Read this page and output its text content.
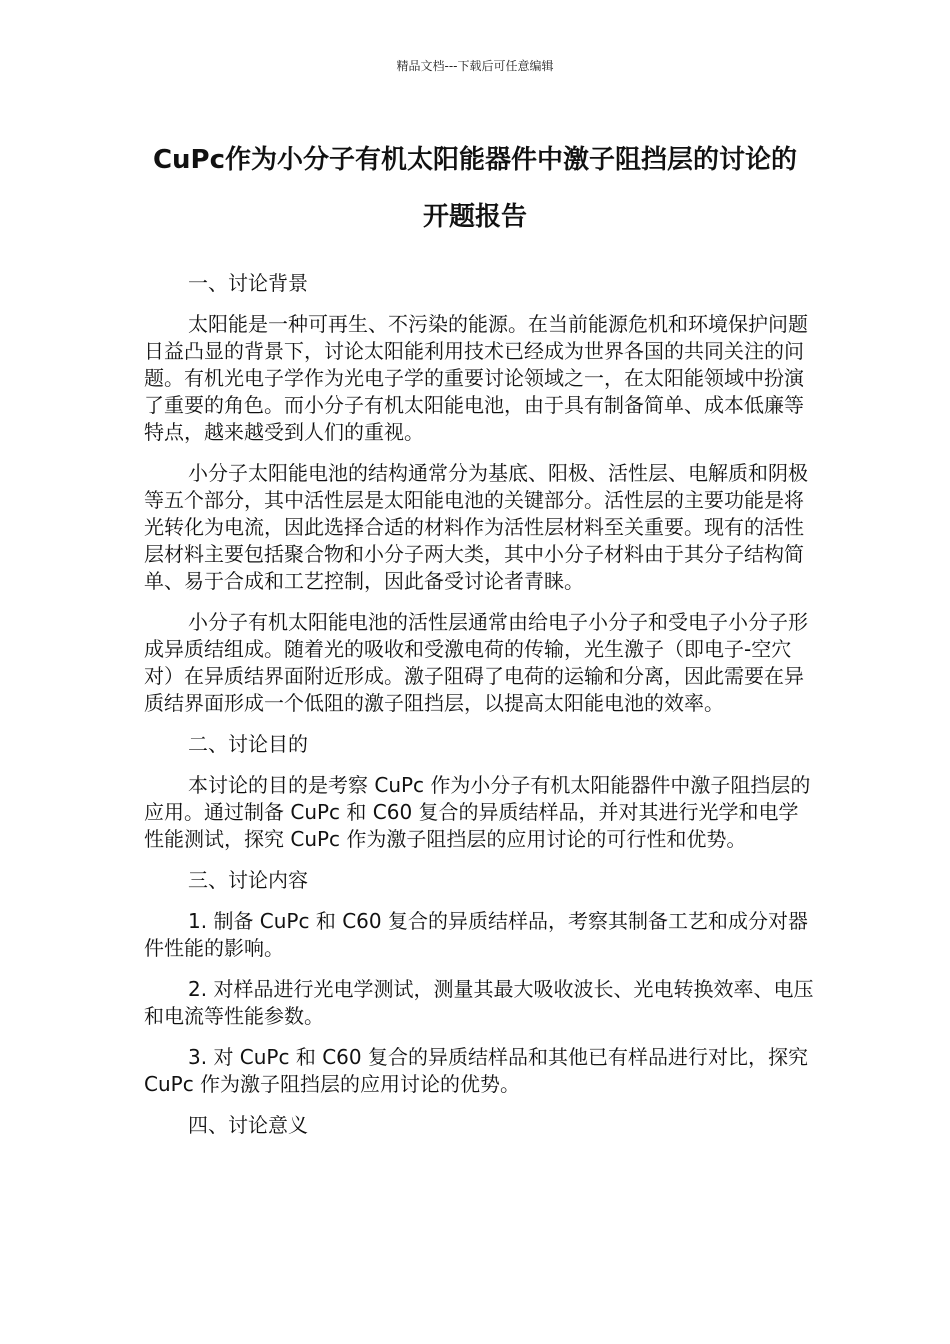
精品文档---下载后可任意编辑
CuPc作为小分子有机太阳能器件中激子阻挡层的讨论的开题报告

一、讨论背景

太阳能是一种可再生、不污染的能源。在当前能源危机和环境保护问题日益凸显的背景下，讨论太阳能利用技术已经成为世界各国的共同关注的问题。有机光电子学作为光电子学的重要讨论领域之一，在太阳能领域中扮演了重要的角色。而小分子有机太阳能电池，由于具有制备简单、成本低廉等特点，越来越受到人们的重视。

小分子太阳能电池的结构通常分为基底、阳极、活性层、电解质和阴极等五个部分，其中活性层是太阳能电池的关键部分。活性层的主要功能是将光转化为电流，因此选择合适的材料作为活性层材料至关重要。现有的活性层材料主要包括聚合物和小分子两大类，其中小分子材料由于其分子结构简单、易于合成和工艺控制，因此备受讨论者青睐。

小分子有机太阳能电池的活性层通常由给电子小分子和受电子小分子形成异质结组成。随着光的吸收和受激电荷的传输，光生激子（即电子-空穴对）在异质结界面附近形成。激子阻碍了电荷的运输和分离，因此需要在异质结界面形成一个低阻的激子阻挡层，以提高太阳能电池的效率。

二、讨论目的

本讨论的目的是考察 CuPc 作为小分子有机太阳能器件中激子阻挡层的应用。通过制备 CuPc 和 C60 复合的异质结样品，并对其进行光学和电学性能测试，探究 CuPc 作为激子阻挡层的应用讨论的可行性和优势。

三、讨论内容

1. 制备 CuPc 和 C60 复合的异质结样品，考察其制备工艺和成分对器件性能的影响。

2. 对样品进行光电学测试，测量其最大吸收波长、光电转换效率、电压和电流等性能参数。

3. 对 CuPc 和 C60 复合的异质结样品和其他已有样品进行对比，探究 CuPc 作为激子阻挡层的应用讨论的优势。

四、讨论意义
